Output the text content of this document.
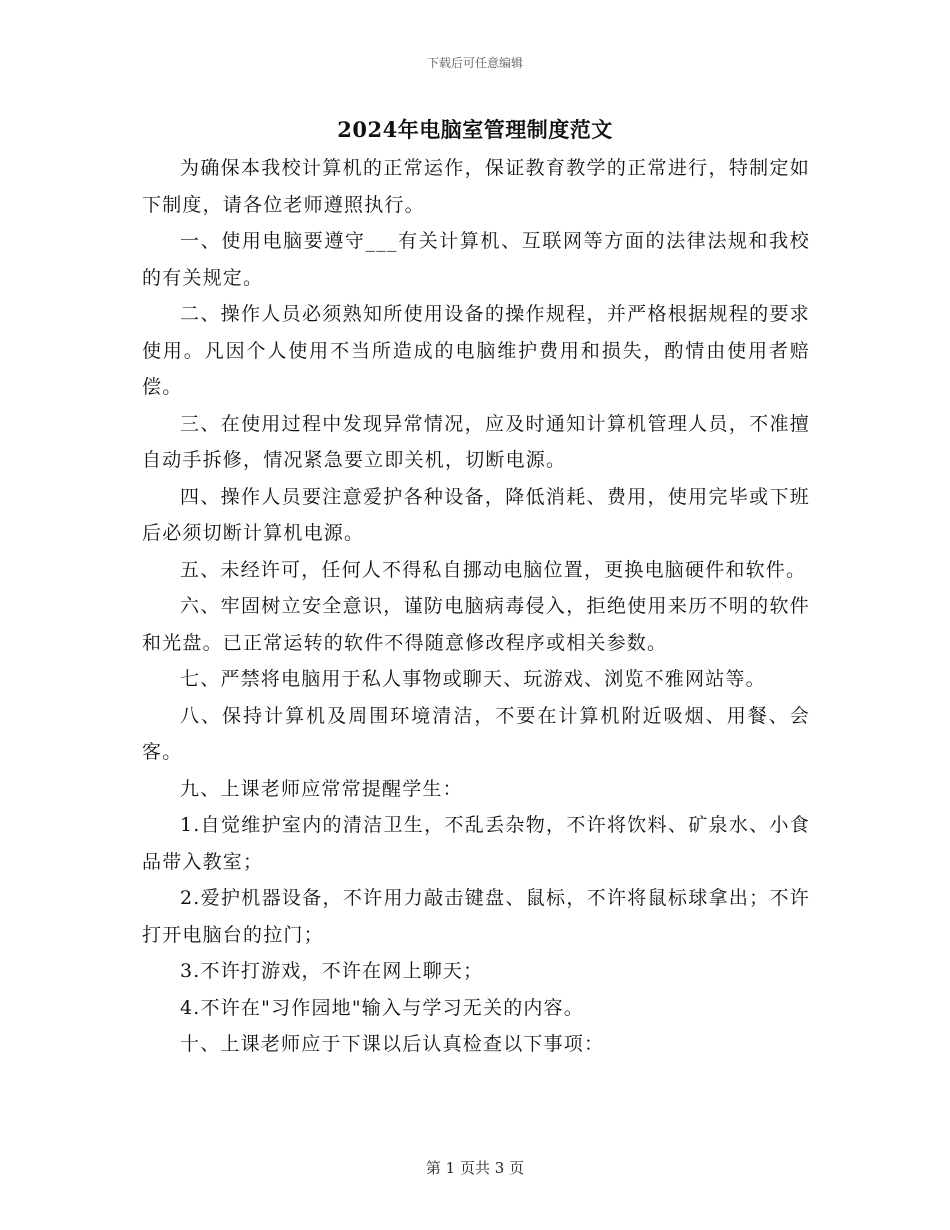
下载后可任意编辑
2024年电脑室管理制度范文

为确保本我校计算机的正常运作，保证教育教学的正常进行，特制定如下制度，请各位老师遵照执行。

一、使用电脑要遵守___有关计算机、互联网等方面的法律法规和我校的有关规定。

二、操作人员必须熟知所使用设备的操作规程，并严格根据规程的要求使用。凡因个人使用不当所造成的电脑维护费用和损失，酌情由使用者赔偿。

三、在使用过程中发现异常情况，应及时通知计算机管理人员，不准擅自动手拆修，情况紧急要立即关机，切断电源。

四、操作人员要注意爱护各种设备，降低消耗、费用，使用完毕或下班后必须切断计算机电源。

五、未经许可，任何人不得私自挪动电脑位置，更换电脑硬件和软件。

六、牢固树立安全意识，谨防电脑病毒侵入，拒绝使用来历不明的软件和光盘。已正常运转的软件不得随意修改程序或相关参数。

七、严禁将电脑用于私人事物或聊天、玩游戏、浏览不雅网站等。

八、保持计算机及周围环境清洁，不要在计算机附近吸烟、用餐、会客。

九、上课老师应常常提醒学生：

1.自觉维护室内的清洁卫生，不乱丢杂物，不许将饮料、矿泉水、小食品带入教室；

2.爱护机器设备，不许用力敲击键盘、鼠标，不许将鼠标球拿出；不许打开电脑台的拉门；

3.不许打游戏，不许在网上聊天；

4.不许在"习作园地"输入与学习无关的内容。

十、上课老师应于下课以后认真检查以下事项：

第 1 页共 3 页
